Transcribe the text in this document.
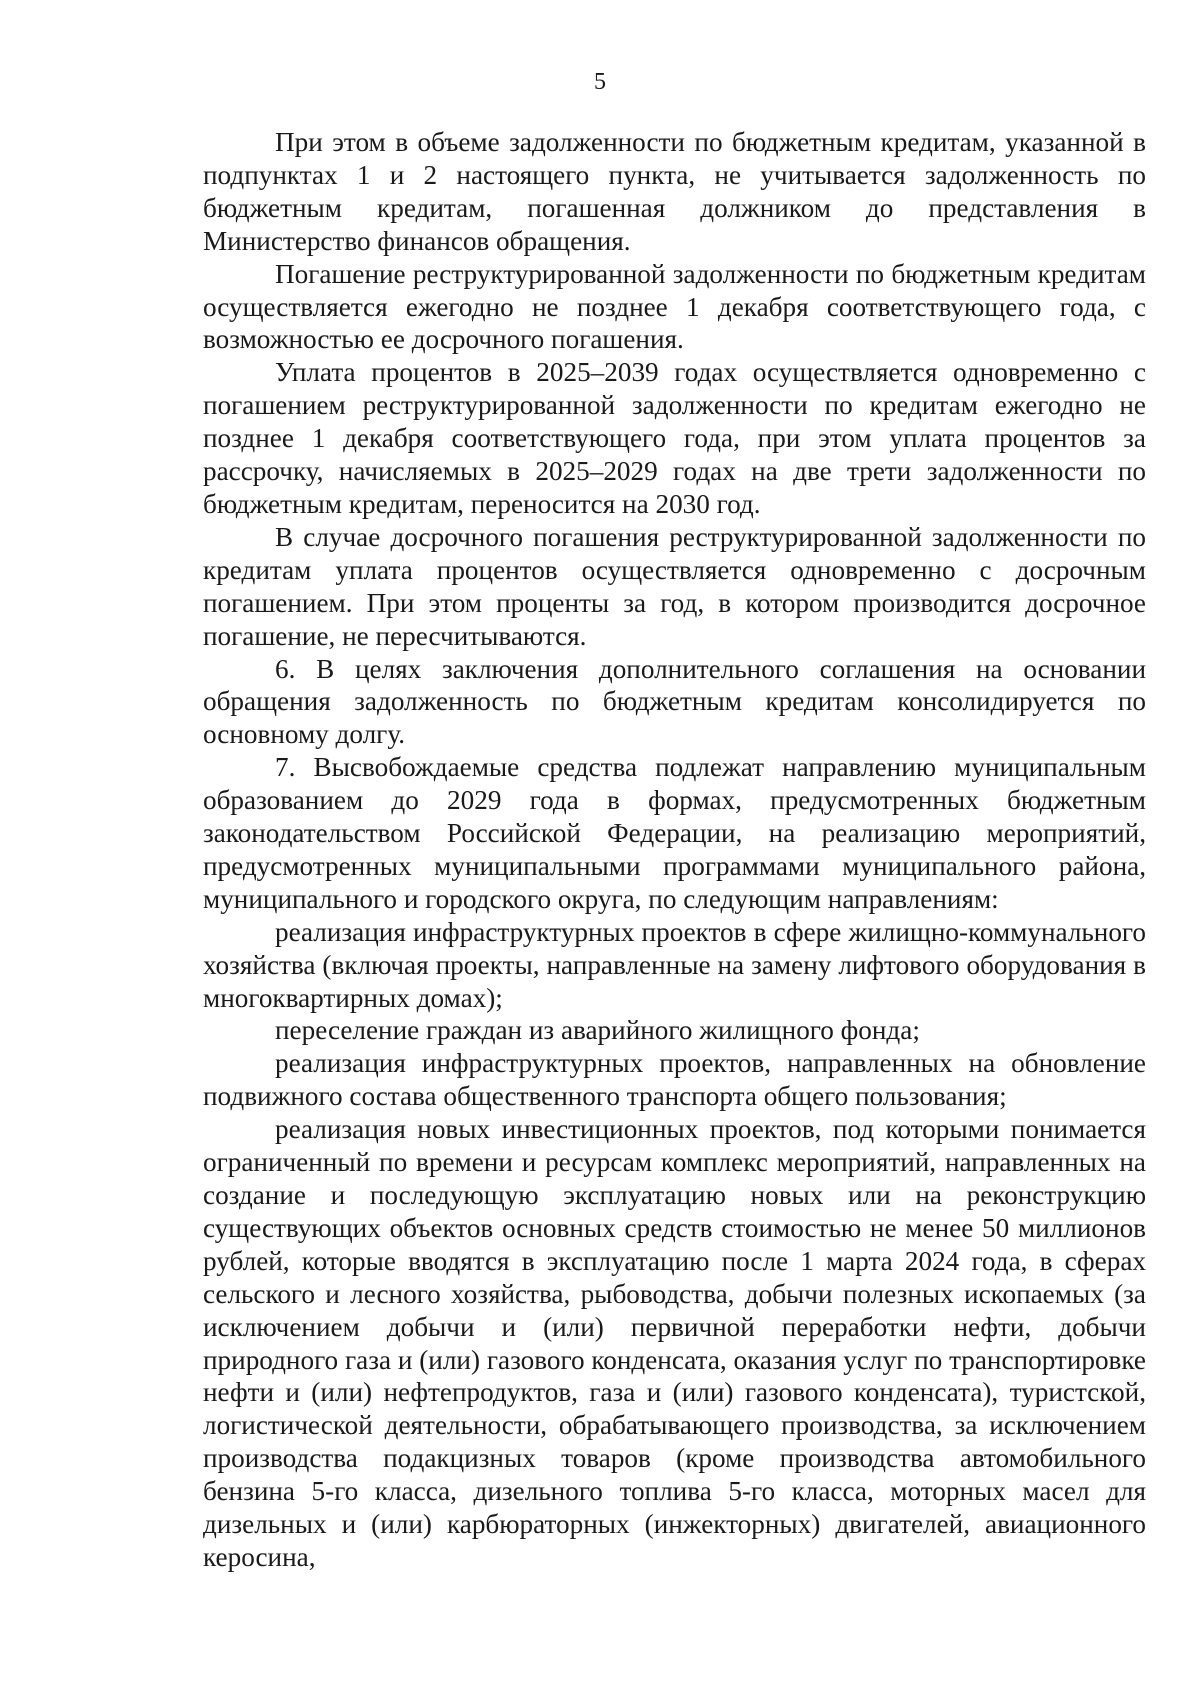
5

При этом в объеме задолженности по бюджетным кредитам, указанной в подпунктах 1 и 2 настоящего пункта, не учитывается задолженность по бюджетным кредитам, погашенная должником до представления в Министерство финансов обращения.

Погашение реструктурированной задолженности по бюджетным кредитам осуществляется ежегодно не позднее 1 декабря соответствующего года, с возможностью ее досрочного погашения.

Уплата процентов в 2025–2039 годах осуществляется одновременно с погашением реструктурированной задолженности по кредитам ежегодно не позднее 1 декабря соответствующего года, при этом уплата процентов за рассрочку, начисляемых в 2025–2029 годах на две трети задолженности по бюджетным кредитам, переносится на 2030 год.

В случае досрочного погашения реструктурированной задолженности по кредитам уплата процентов осуществляется одновременно с досрочным погашением. При этом проценты за год, в котором производится досрочное погашение, не пересчитываются.

6. В целях заключения дополнительного соглашения на основании обращения задолженность по бюджетным кредитам консолидируется по основному долгу.

7. Высвобождаемые средства подлежат направлению муниципальным образованием до 2029 года в формах, предусмотренных бюджетным законодательством Российской Федерации, на реализацию мероприятий, предусмотренных муниципальными программами муниципального района, муниципального и городского округа, по следующим направлениям:

реализация инфраструктурных проектов в сфере жилищно-коммунального хозяйства (включая проекты, направленные на замену лифтового оборудования в многоквартирных домах);

переселение граждан из аварийного жилищного фонда;

реализация инфраструктурных проектов, направленных на обновление подвижного состава общественного транспорта общего пользования;

реализация новых инвестиционных проектов, под которыми понимается ограниченный по времени и ресурсам комплекс мероприятий, направленных на создание и последующую эксплуатацию новых или на реконструкцию существующих объектов основных средств стоимостью не менее 50 миллионов рублей, которые вводятся в эксплуатацию после 1 марта 2024 года, в сферах сельского и лесного хозяйства, рыбоводства, добычи полезных ископаемых (за исключением добычи и (или) первичной переработки нефти, добычи природного газа и (или) газового конденсата, оказания услуг по транспортировке нефти и (или) нефтепродуктов, газа и (или) газового конденсата), туристской, логистической деятельности, обрабатывающего производства, за исключением производства подакцизных товаров (кроме производства автомобильного бензина 5-го класса, дизельного топлива 5-го класса, моторных масел для дизельных и (или) карбюраторных (инжекторных) двигателей, авиационного керосина,
